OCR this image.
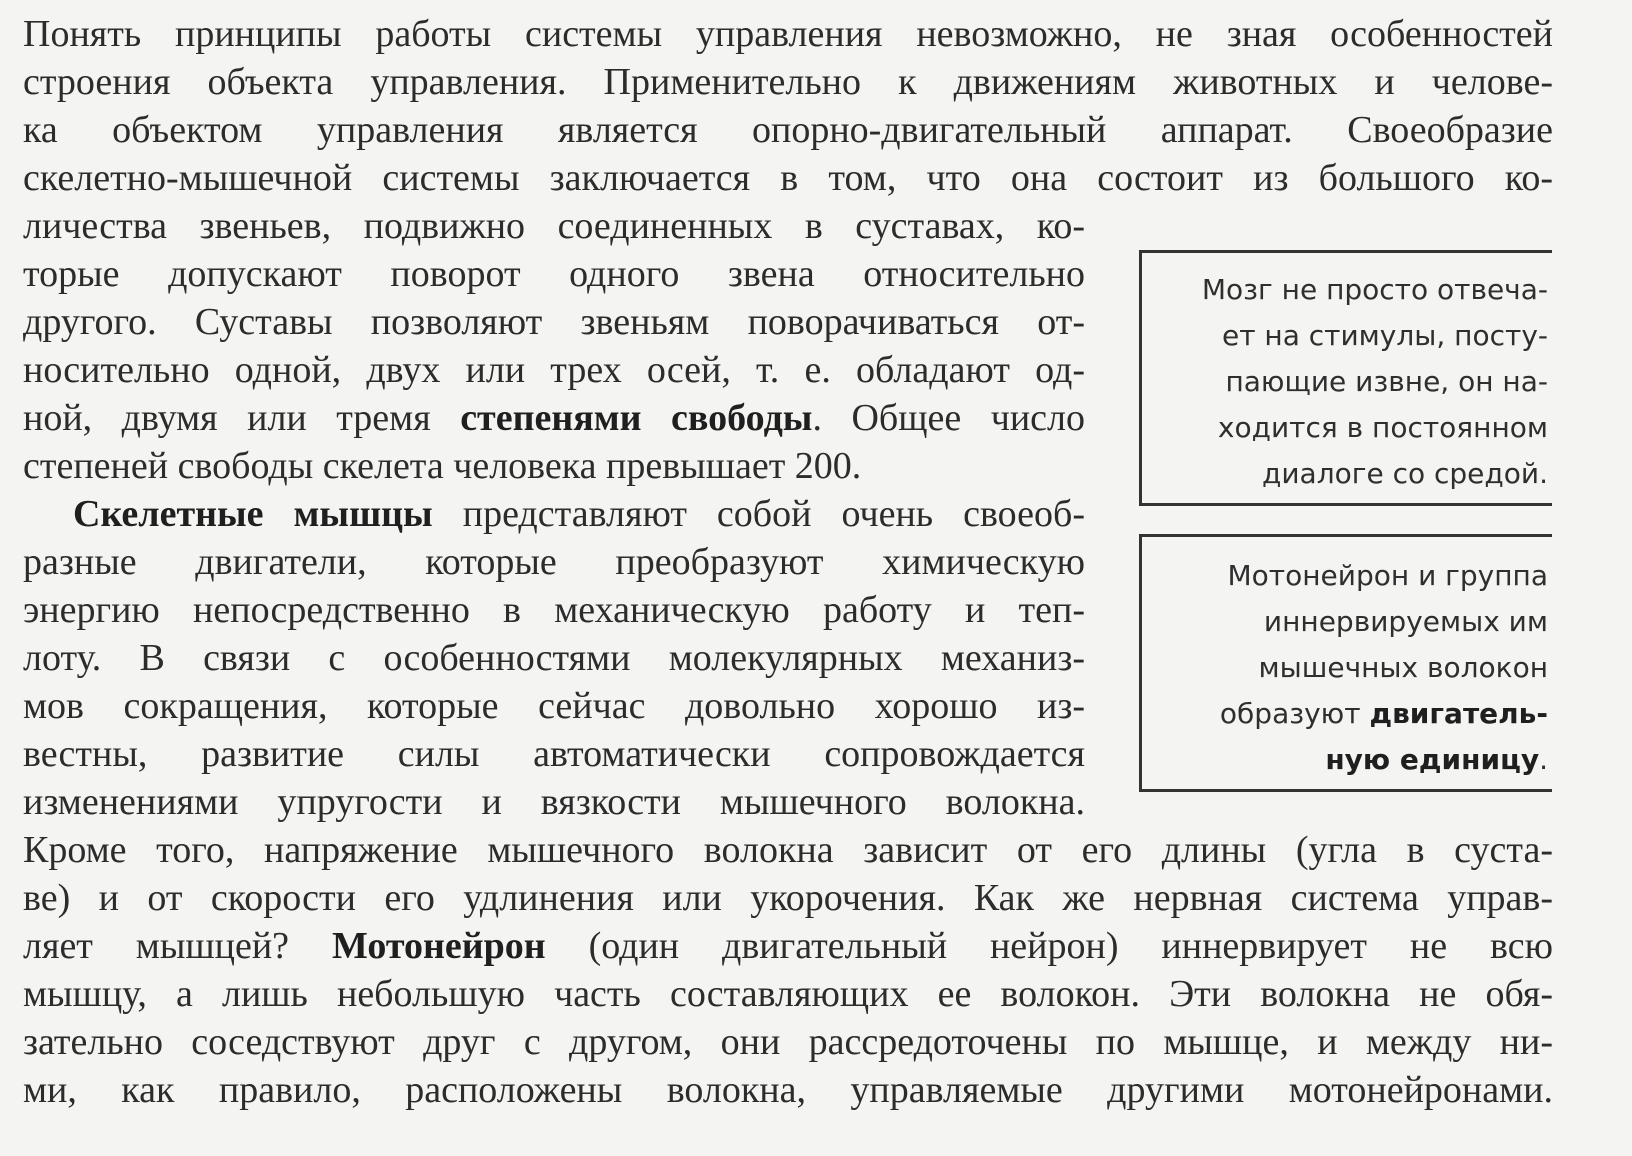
Понять принципы работы системы управления невозможно, не зная особенностей
строения объекта управления. Применительно к движениям животных и челове-
ка объектом управления является опорно-двигательный аппарат. Своеобразие
скелетно-мышечной системы заключается в том, что она состоит из большого ко-
личества звеньев, подвижно соединенных в суставах, ко-
торые допускают поворот одного звена относительно
другого. Суставы позволяют звеньям поворачиваться от-
носительно одной, двух или трех осей, т. е. обладают од-
ной, двумя или тремя степенями свободы. Общее число
степеней свободы скелета человека превышает 200.
Скелетные мышцы представляют собой очень своеоб-
разные двигатели, которые преобразуют химическую
энергию непосредственно в механическую работу и теп-
лоту. В связи с особенностями молекулярных механиз-
мов сокращения, которые сейчас довольно хорошо из-
вестны, развитие силы автоматически сопровождается
изменениями упругости и вязкости мышечного волокна.
Кроме того, напряжение мышечного волокна зависит от его длины (угла в суста-
ве) и от скорости его удлинения или укорочения. Как же нервная система управ-
ляет мышцей? Мотонейрон (один двигательный нейрон) иннервирует не всю
мышцу, а лишь небольшую часть составляющих ее волокон. Эти волокна не обя-
зательно соседствуют друг с другом, они рассредоточены по мышце, и между ни-
ми, как правило, расположены волокна, управляемые другими мотонейронами.
Мозг не просто отвеча-
ет на стимулы, посту-
пающие извне, он на-
ходится в постоянном
диалоге со средой.
Мотонейрон и группа
иннервируемых им
мышечных волокон
образуют двигатель-
ную единицу.
